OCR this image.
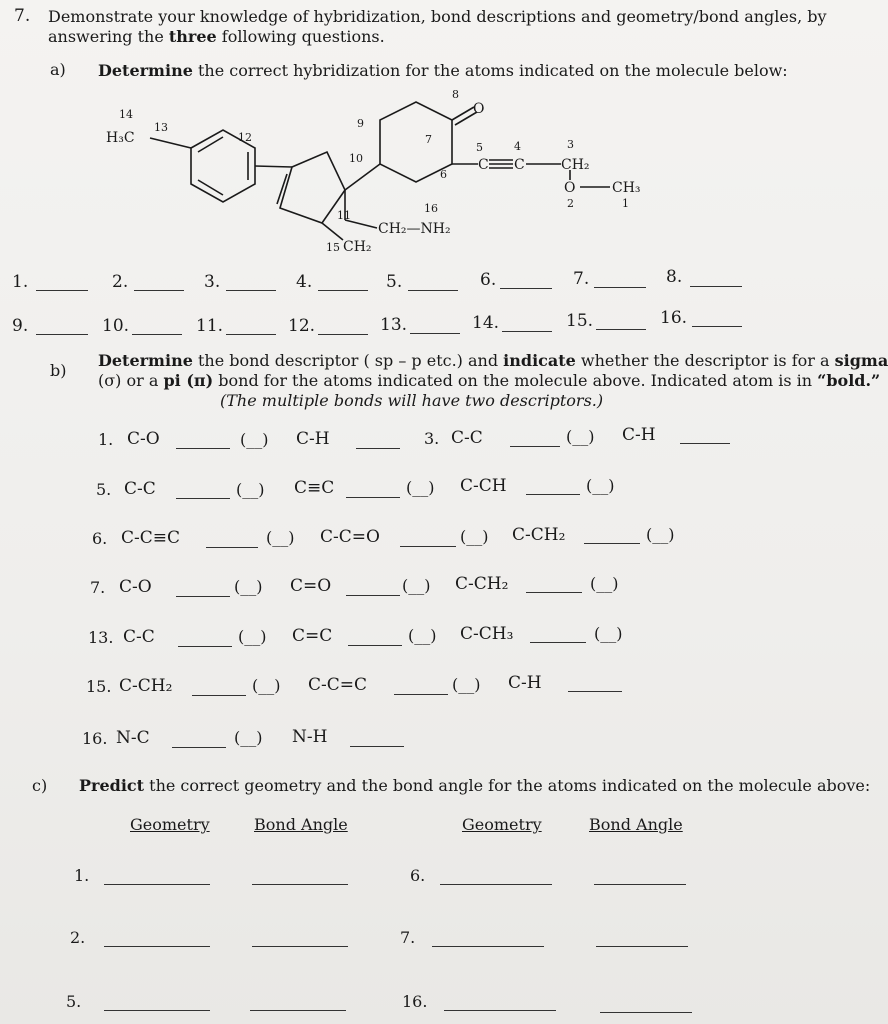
7. Demonstrate your knowledge of hybridization, bond descriptions and geometry/bond angles, by
answering the three following questions.
a) Determine the correct hybridization for the atoms indicated on the molecule below:
14
13
12
9
8
10
7
5	4	3
6
11
16
15
2	1
H₃C
O
C C	CH₂
O	CH₃
CH₂—NH₂
CH₂
1.	2.	3.	4.	5.	6.	7.	8.
9.	10.	11.	12.	13.	14.	15.	16.
b)
Determine the bond descriptor ( sp – p etc.) and indicate whether the descriptor is for a sigma
(σ) or a pi (π) bond for the atoms indicated on the molecule above. Indicated atom is in “bold.”
(The multiple bonds will have two descriptors.)
1. C-O	(__) C-H	3. C-C	(__) C-H
5. C-C	(__) C≡C	(__) C-CH	(__)
6. C-C≡C	(__) C-C=O	(__) C-CH₂	(__)
7. C-O	(__) C=O	(__) C-CH₂	(__)
13. C-C	(__) C=C	(__) C-CH₃	(__)
15. C-CH₂	(__) C-C=C	(__) C-H
16. N-C	(__) N-H
c) Predict the correct geometry and the bond angle for the atoms indicated on the molecule above:
Geometry	Bond Angle	Geometry	Bond Angle
1.	6.
2.	7.
5.	16.
